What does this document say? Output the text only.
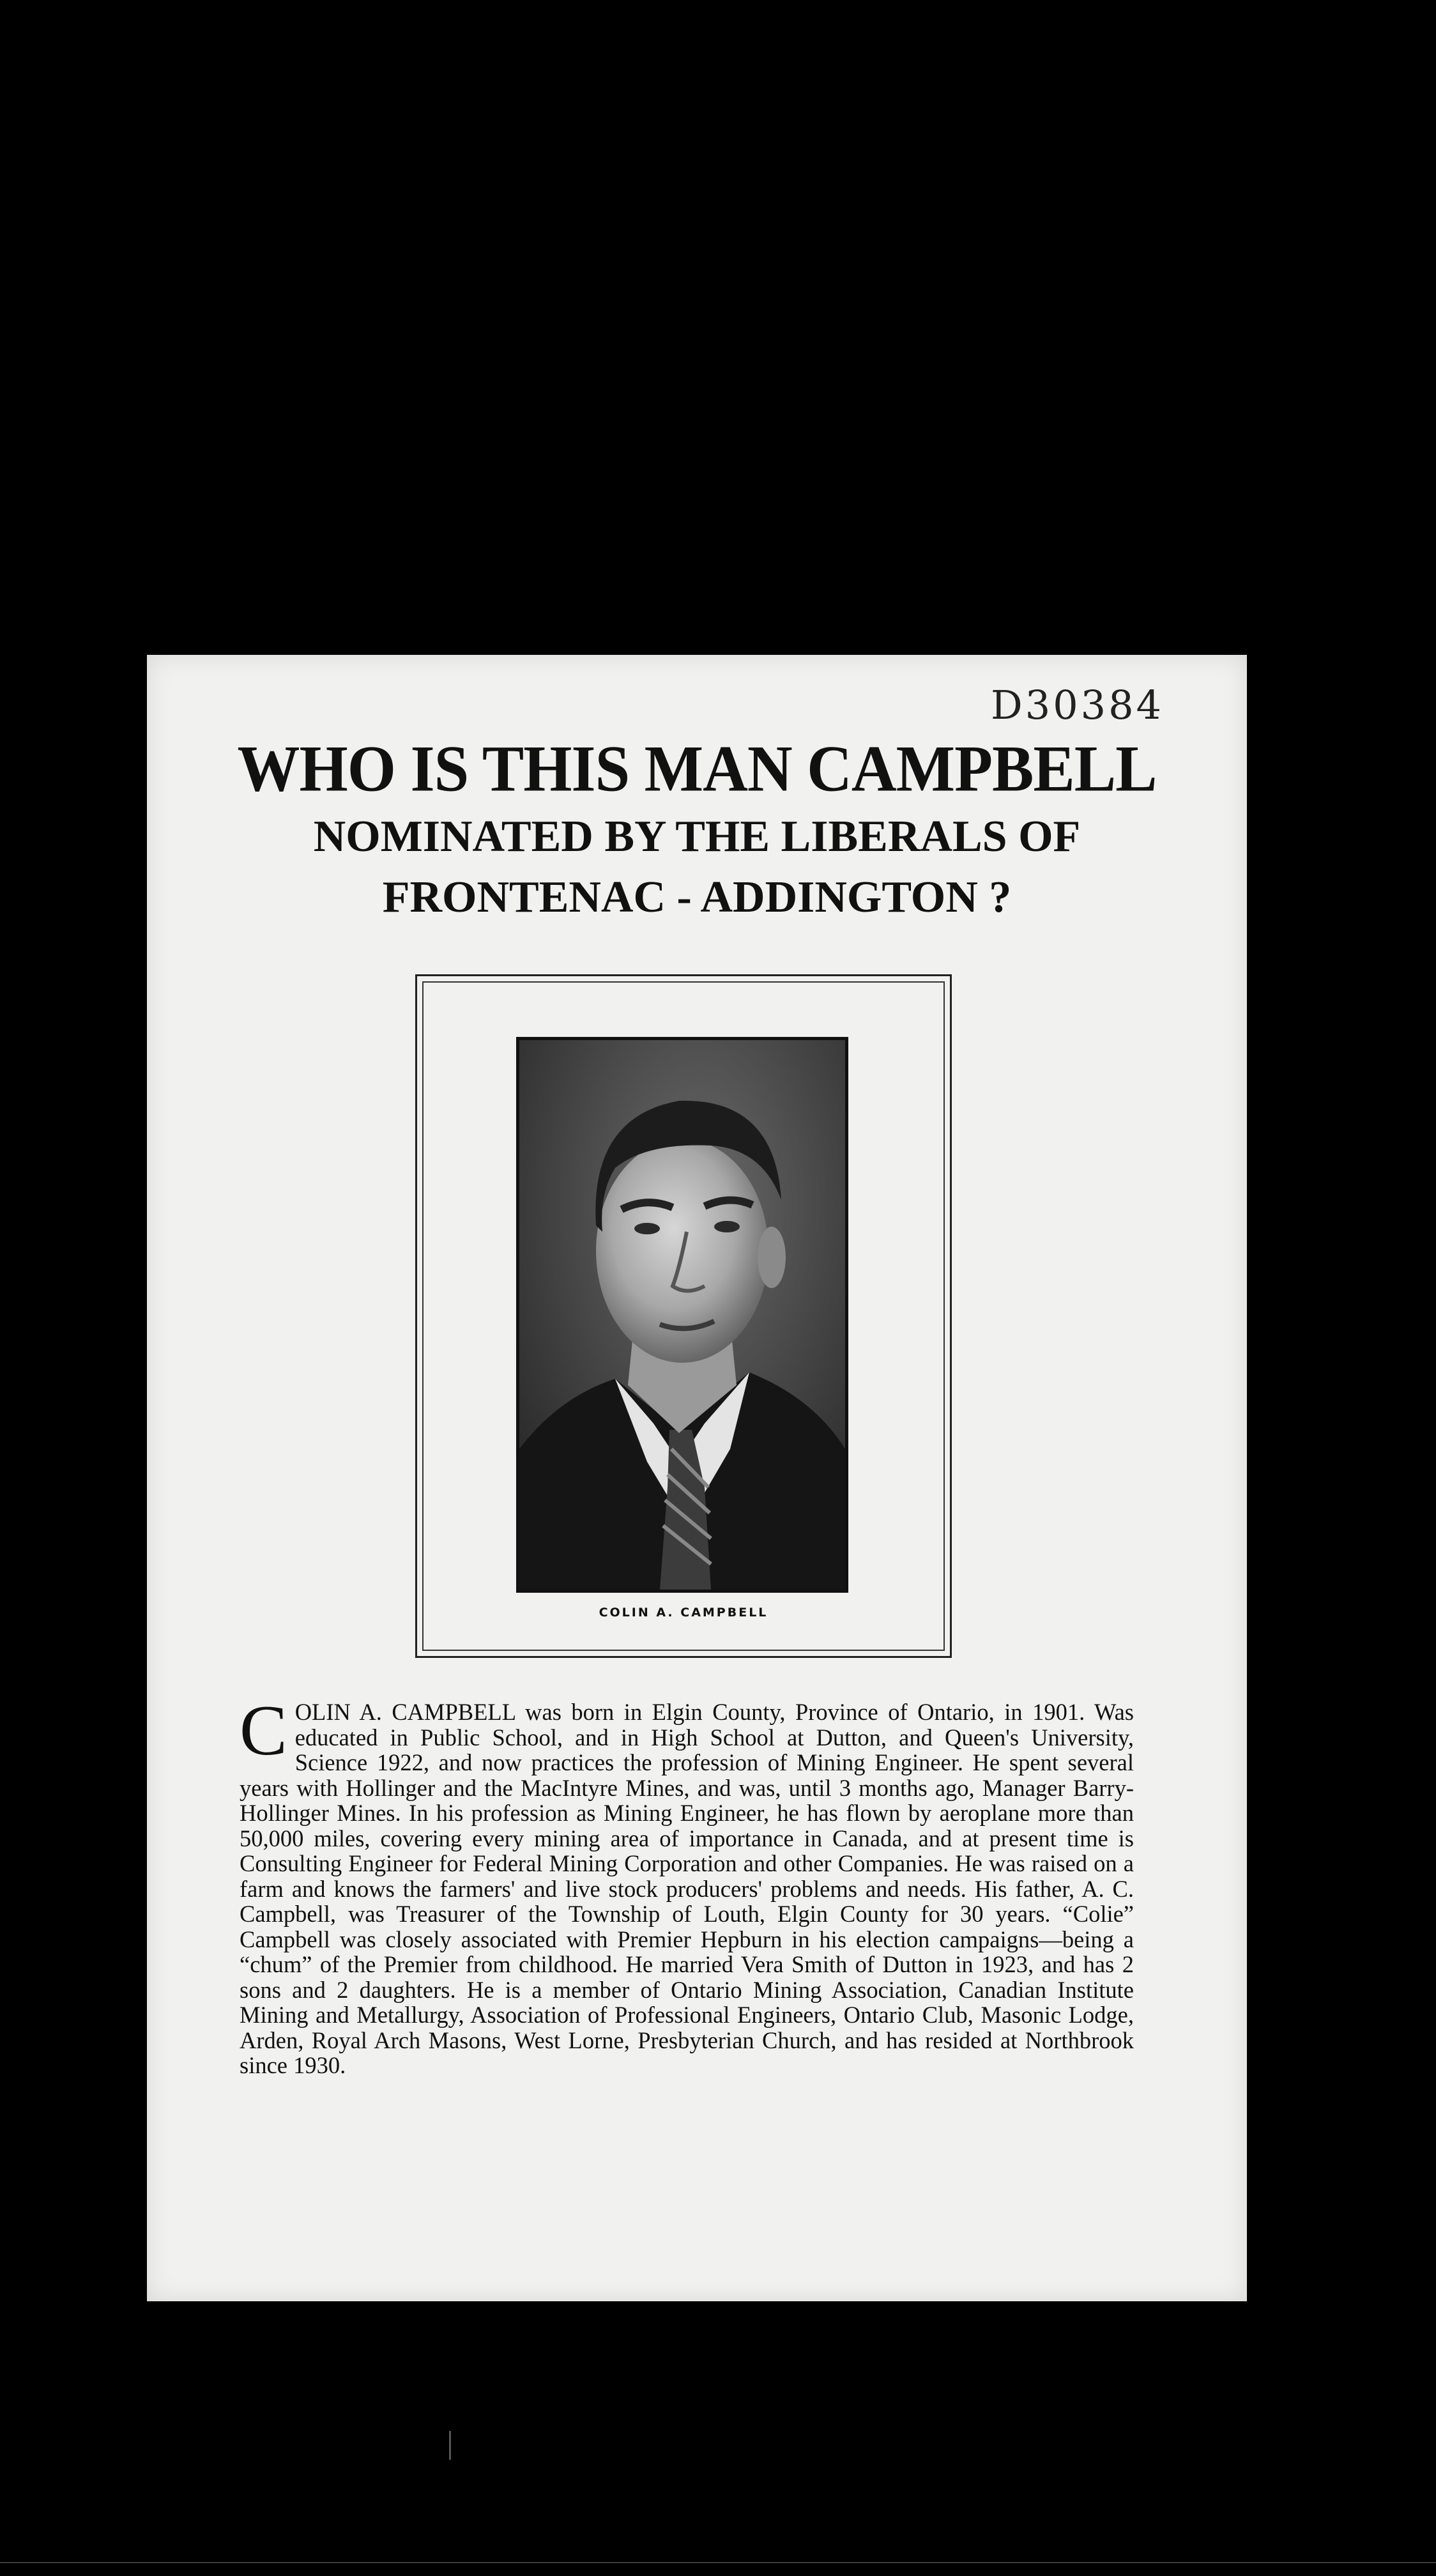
D30384
WHO IS THIS MAN CAMPBELL
NOMINATED BY THE LIBERALS OF
FRONTENAC - ADDINGTON ?
COLIN A. CAMPBELL

COLIN A. CAMPBELL was born in Elgin County, Province of Ontario, in 1901. Was educated in Public School, and in High School at Dutton, and Queen's University, Science 1922, and now practices the profession of Mining Engineer. He spent several years with Hollinger and the MacIntyre Mines, and was, until 3 months ago, Manager Barry-Hollinger Mines. In his profession as Mining Engineer, he has flown by aeroplane more than 50,000 miles, covering every mining area of importance in Canada, and at present time is Consulting Engineer for Federal Mining Corporation and other Companies. He was raised on a farm and knows the farmers' and live stock producers' problems and needs. His father, A. C. Campbell, was Treasurer of the Township of Louth, Elgin County for 30 years. “Colie” Campbell was closely associated with Premier Hepburn in his election campaigns—being a “chum” of the Premier from childhood. He married Vera Smith of Dutton in 1923, and has 2 sons and 2 daughters. He is a member of Ontario Mining Association, Canadian Institute Mining and Metallurgy, Association of Professional Engineers, Ontario Club, Masonic Lodge, Arden, Royal Arch Masons, West Lorne, Presbyterian Church, and has resided at Northbrook since 1930.
